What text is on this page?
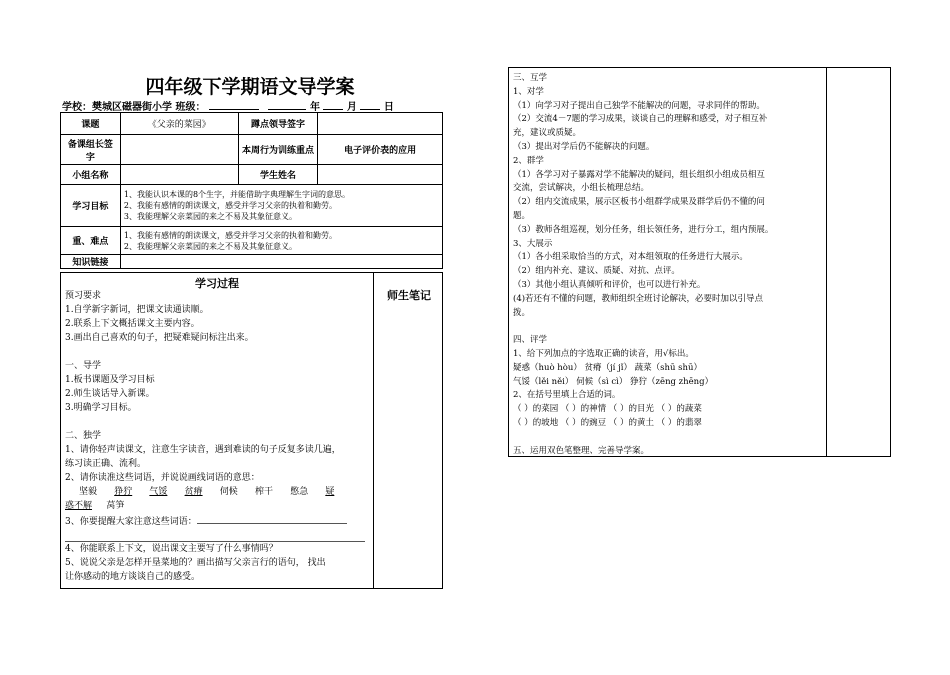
四年级下学期语文导学案
学校：樊城区磁器街小学 班级：	年	月	日
课题	《父亲的菜园》	蹲点领导签字	
备课组长签字		本周行为训练重点	电子评价表的应用
小组名称		学生姓名	
学习目标	1、我能认识本课的8个生字，并能借助字典理解生字词的意思。
2、我能有感情的朗读课文，感受并学习父亲的执着和勤劳。
3、我能理解父亲菜园的来之不易及其象征意义。		

重、难点	1、我能有感情的朗读课文，感受并学习父亲的执着和勤劳。
2、我能理解父亲菜园的来之不易及其象征意义。		

知识链接			
学习过程
师生笔记
预习要求
1.自学新字新词，把课文读通读顺。
2.联系上下文概括课文主要内容。
3.画出自己喜欢的句子，把疑难疑问标注出来。

一、导学
1.板书课题及学习目标
2.师生谈话导入新课。
3.明确学习目标。

二、独学
1、请你轻声读课文，注意生字读音，遇到难读的句子反复多读几遍，
练习读正确、流利。
2、请你读准这些词语，并说说画线词语的意思：
坚毅 狰狞 气馁 贫瘠 伺候 榨干 憋急 疑
惑不解 莴笋
3、你要提醒大家注意这些词语：
4、你能联系上下文，说出课文主要写了什么事情吗？
5、说说父亲是怎样开垦菜地的？画出描写父亲言行的语句， 找出
让你感动的地方谈谈自己的感受。
三、互学
1、对学
（1）向学习对子提出自己独学不能解决的问题，寻求同伴的帮助。
（2）交流4－7题的学习成果，谈谈自己的理解和感受，对子相互补
充，建议或质疑。
（3）提出对学后仍不能解决的问题。
2、群学
（1）各学习对子暴露对学不能解决的疑问，组长组织小组成员相互
交流，尝试解决，小组长梳理总结。
（2）组内交流成果，展示区板书小组群学成果及群学后仍不懂的问
题。
（3）教师各组巡视，划分任务，组长领任务，进行分工，组内预展。
3、大展示
（1）各小组采取恰当的方式，对本组领取的任务进行大展示。
（2）组内补充、建议、质疑、对抗、点评。
（3）其他小组认真倾听和评价，也可以进行补充。
(4)若还有不懂的问题，教师组织全班讨论解决，必要时加以引导点
拨。

四、评学
1、给下列加点的字选取正确的读音，用√标出。
疑惑（huò hòu） 贫瘠（jí jǐ） 蔬菜（shū shū）
气馁（lěi něi） 伺候（sì cì） 狰狞（zēng zhēng）
2、在括号里填上合适的词。
（ ）的菜园 （ ）的神情 （ ）的目光 （ ）的蔬菜
（ ）的坡地 （ ）的豌豆 （ ）的黄土 （ ）的翡翠

五、运用双色笔整理、完善导学案。
